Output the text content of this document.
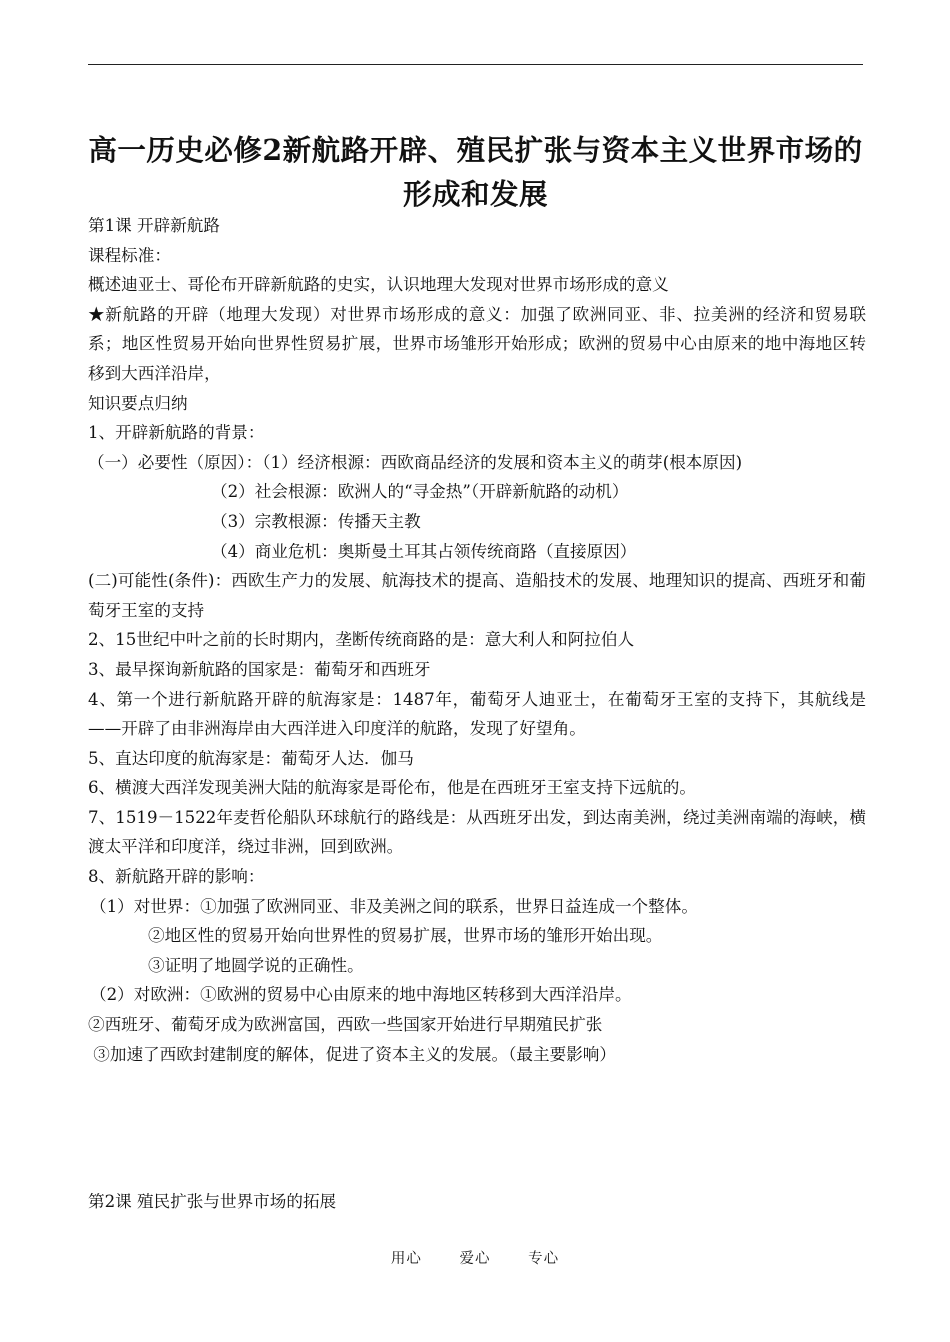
高一历史必修2新航路开辟、殖民扩张与资本主义世界市场的
形成和发展

第1课 开辟新航路

课程标准：

概述迪亚士、哥伦布开辟新航路的史实，认识地理大发现对世界市场形成的意义

★新航路的开辟（地理大发现）对世界市场形成的意义：加强了欧洲同亚、非、拉美洲的经济和贸易联系；地区性贸易开始向世界性贸易扩展，世界市场雏形开始形成；欧洲的贸易中心由原来的地中海地区转移到大西洋沿岸，

知识要点归纳

1、开辟新航路的背景：

（一）必要性（原因）：（1）经济根源：西欧商品经济的发展和资本主义的萌芽(根本原因)

（2）社会根源：欧洲人的“寻金热”（开辟新航路的动机）

（3）宗教根源：传播天主教

（4）商业危机：奥斯曼土耳其占领传统商路（直接原因）

(二)可能性(条件)：西欧生产力的发展、航海技术的提高、造船技术的发展、地理知识的提高、西班牙和葡萄牙王室的支持

2、15世纪中叶之前的长时期内，垄断传统商路的是：意大利人和阿拉伯人

3、最早探询新航路的国家是：葡萄牙和西班牙

4、第一个进行新航路开辟的航海家是：1487年，葡萄牙人迪亚士，在葡萄牙王室的支持下，其航线是——开辟了由非洲海岸由大西洋进入印度洋的航路，发现了好望角。

5、直达印度的航海家是：葡萄牙人达．伽马

6、横渡大西洋发现美洲大陆的航海家是哥伦布，他是在西班牙王室支持下远航的。

7、1519－1522年麦哲伦船队环球航行的路线是：从西班牙出发，到达南美洲，绕过美洲南端的海峡，横渡太平洋和印度洋，绕过非洲，回到欧洲。

8、新航路开辟的影响：

（1）对世界：①加强了欧洲同亚、非及美洲之间的联系，世界日益连成一个整体。

②地区性的贸易开始向世界性的贸易扩展，世界市场的雏形开始出现。

③证明了地圆学说的正确性。

（2）对欧洲：①欧洲的贸易中心由原来的地中海地区转移到大西洋沿岸。

②西班牙、葡萄牙成为欧洲富国，西欧一些国家开始进行早期殖民扩张

③加速了西欧封建制度的解体，促进了资本主义的发展。（最主要影响）

第2课 殖民扩张与世界市场的拓展

用心	爱心	专心
